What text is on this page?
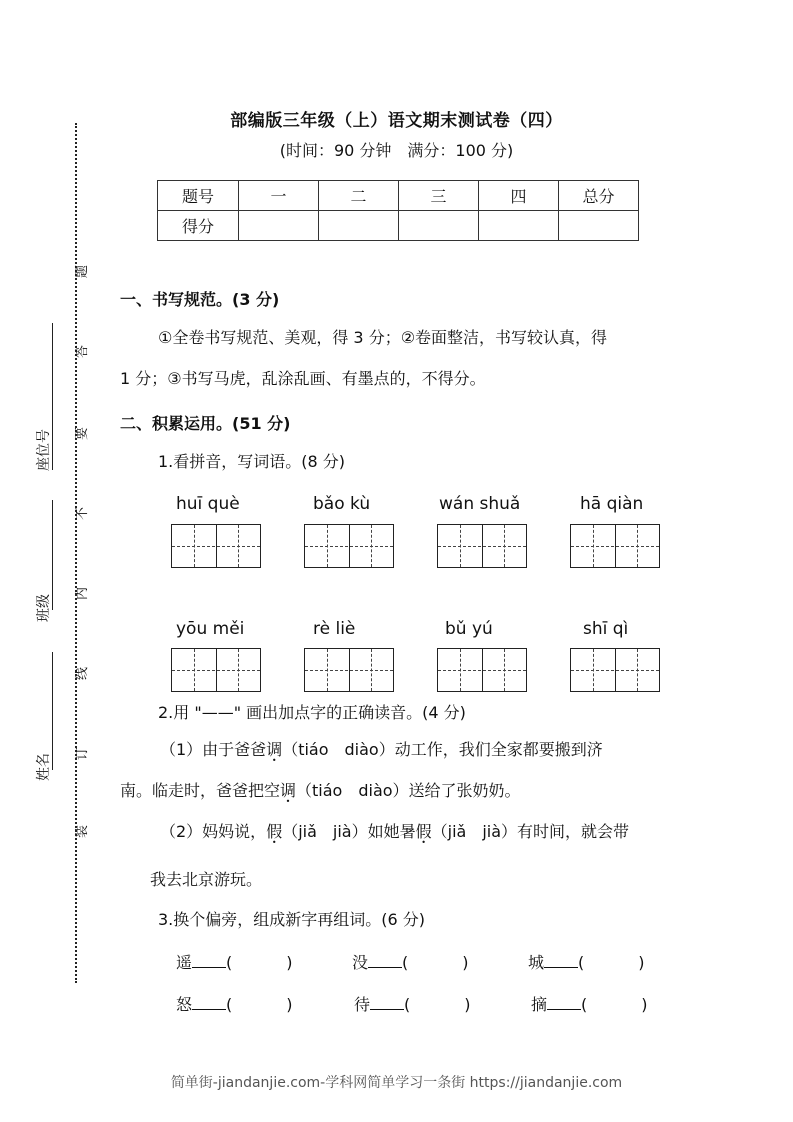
题
答
要
不
内
线
订
装
座位号
班级
姓名
部编版三年级（上）语文期末测试卷（四）
(时间：90 分钟　满分：100 分)
题号	一	二	三	四	总分
得分					
一、书写规范。(3 分)
①全卷书写规范、美观，得 3 分；②卷面整洁，书写较认真，得
1 分；③书写马虎，乱涂乱画、有墨点的，不得分。
二、积累运用。(51 分)
1.看拼音，写词语。(8 分)
huī què	bǎo kù	wán shuǎ	hā qiàn
yōu měi	rè liè	bǔ yú	shī qì
2.用 "——" 画出加点字的正确读音。(4 分)
（1）由于爸爸调（tiáo　diào）动工作，我们全家都要搬到济
南。临走时，爸爸把空调（tiáo　diào）送给了张奶奶。
（2）妈妈说，假（jiǎ　jià）如她暑假（jiǎ　jià）有时间，就会带
我去北京游玩。
3.换个偏旁，组成新字再组词。(6 分)
遥 (	)	没 (	)	城 (	)
怒 (	)	待 (	)	摘 (	)
简单街-jiandanjie.com-学科网简单学习一条街 https://jiandanjie.com
